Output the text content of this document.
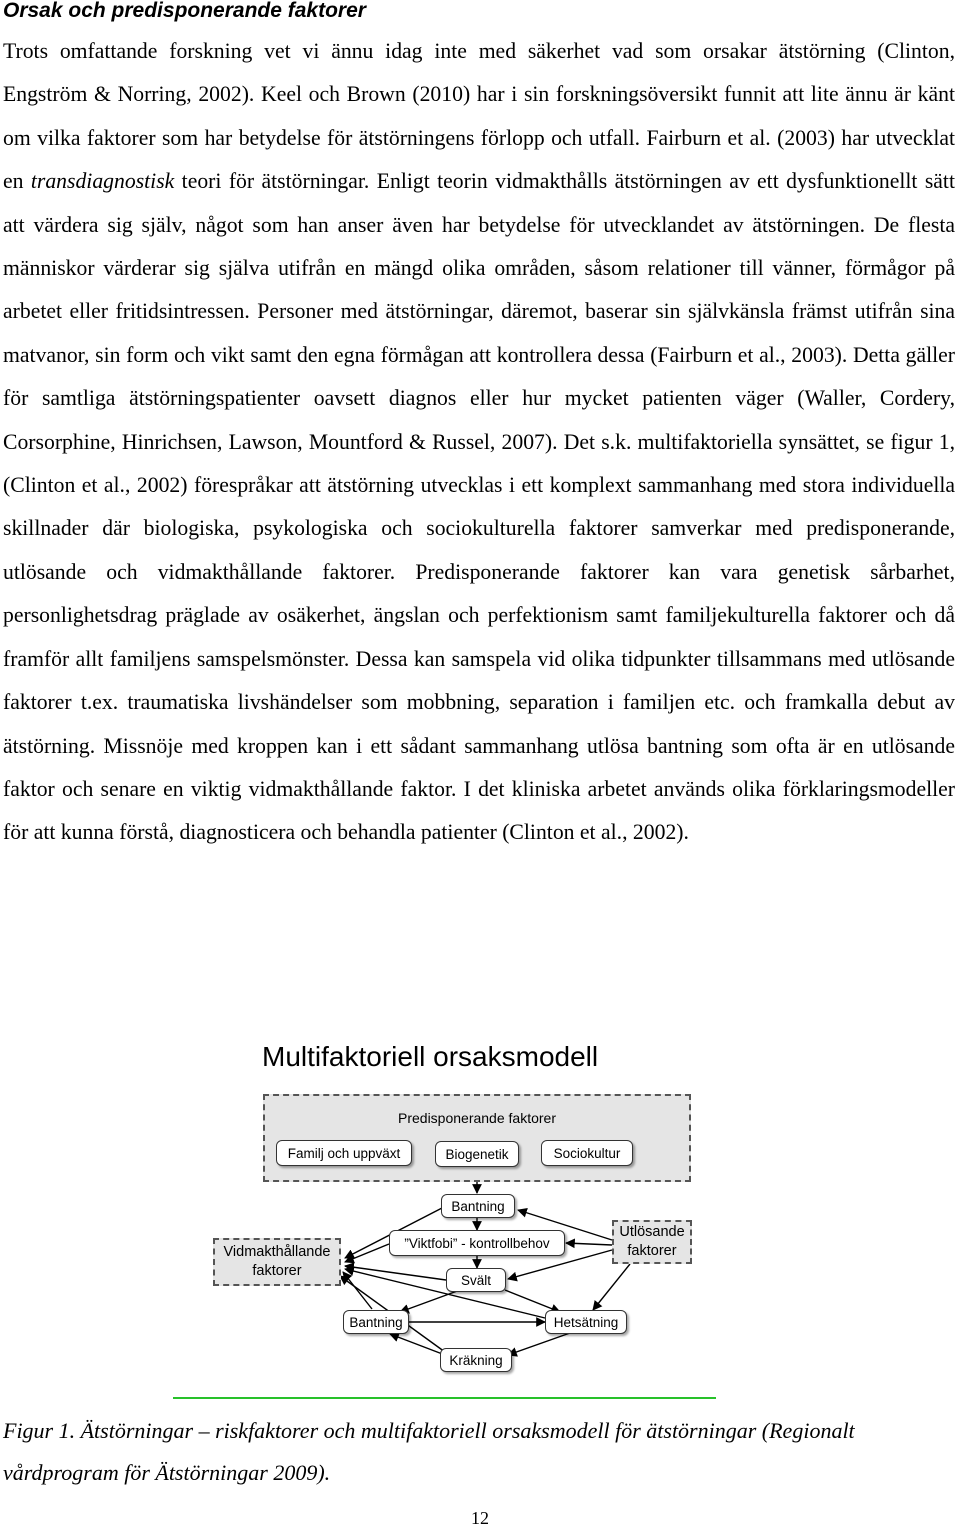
Orsak och predisponerande faktorer

Trots omfattande forskning vet vi ännu idag inte med säkerhet vad som orsakar ätstörning (Clinton, Engström & Norring, 2002). Keel och Brown (2010) har i sin forskningsöversikt funnit att lite ännu är känt om vilka faktorer som har betydelse för ätstörningens förlopp och utfall. Fairburn et al. (2003) har utvecklat en transdiagnostisk teori för ätstörningar. Enligt teorin vidmakthålls ätstörningen av ett dysfunktionellt sätt att värdera sig själv, något som han anser även har betydelse för utvecklandet av ätstörningen. De flesta människor värderar sig själva utifrån en mängd olika områden, såsom relationer till vänner, förmågor på arbetet eller fritidsintressen. Personer med ätstörningar, däremot, baserar sin självkänsla främst utifrån sina matvanor, sin form och vikt samt den egna förmågan att kontrollera dessa (Fairburn et al., 2003). Detta gäller för samtliga ätstörningspatienter oavsett diagnos eller hur mycket patienten väger (Waller, Cordery, Corsorphine, Hinrichsen, Lawson, Mountford & Russel, 2007). Det s.k. multifaktoriella synsättet, se figur 1, (Clinton et al., 2002) förespråkar att ätstörning utvecklas i ett komplext sammanhang med stora individuella skillnader där biologiska, psykologiska och sociokulturella faktorer samverkar med predisponerande, utlösande och vidmakthållande faktorer. Predisponerande faktorer kan vara genetisk sårbarhet, personlighetsdrag präglade av osäkerhet, ängslan och perfektionism samt familjekulturella faktorer och då framför allt familjens samspelsmönster. Dessa kan samspela vid olika tidpunkter tillsammans med utlösande faktorer t.ex. traumatiska livshändelser som mobbning, separation i familjen etc. och framkalla debut av ätstörning. Missnöje med kroppen kan i ett sådant sammanhang utlösa bantning som ofta är en utlösande faktor och senare en viktig vidmakthållande faktor. I det kliniska arbetet används olika förklaringsmodeller för att kunna förstå, diagnosticera och behandla patienter (Clinton et al., 2002).

Multifaktoriell orsaksmodell
Predisponerande faktorer
Familj och uppväxt	Biogenetik	Sociokultur
Vidmakthållande faktorer
Utlösande faktorer
Bantning
”Viktfobi” - kontrollbehov
Svält
Bantning	Hetsätning
Kräkning

Figur 1. Ätstörningar – riskfaktorer och multifaktoriell orsaksmodell för ätstörningar (Regionalt vårdprogram för Ätstörningar 2009).

12
